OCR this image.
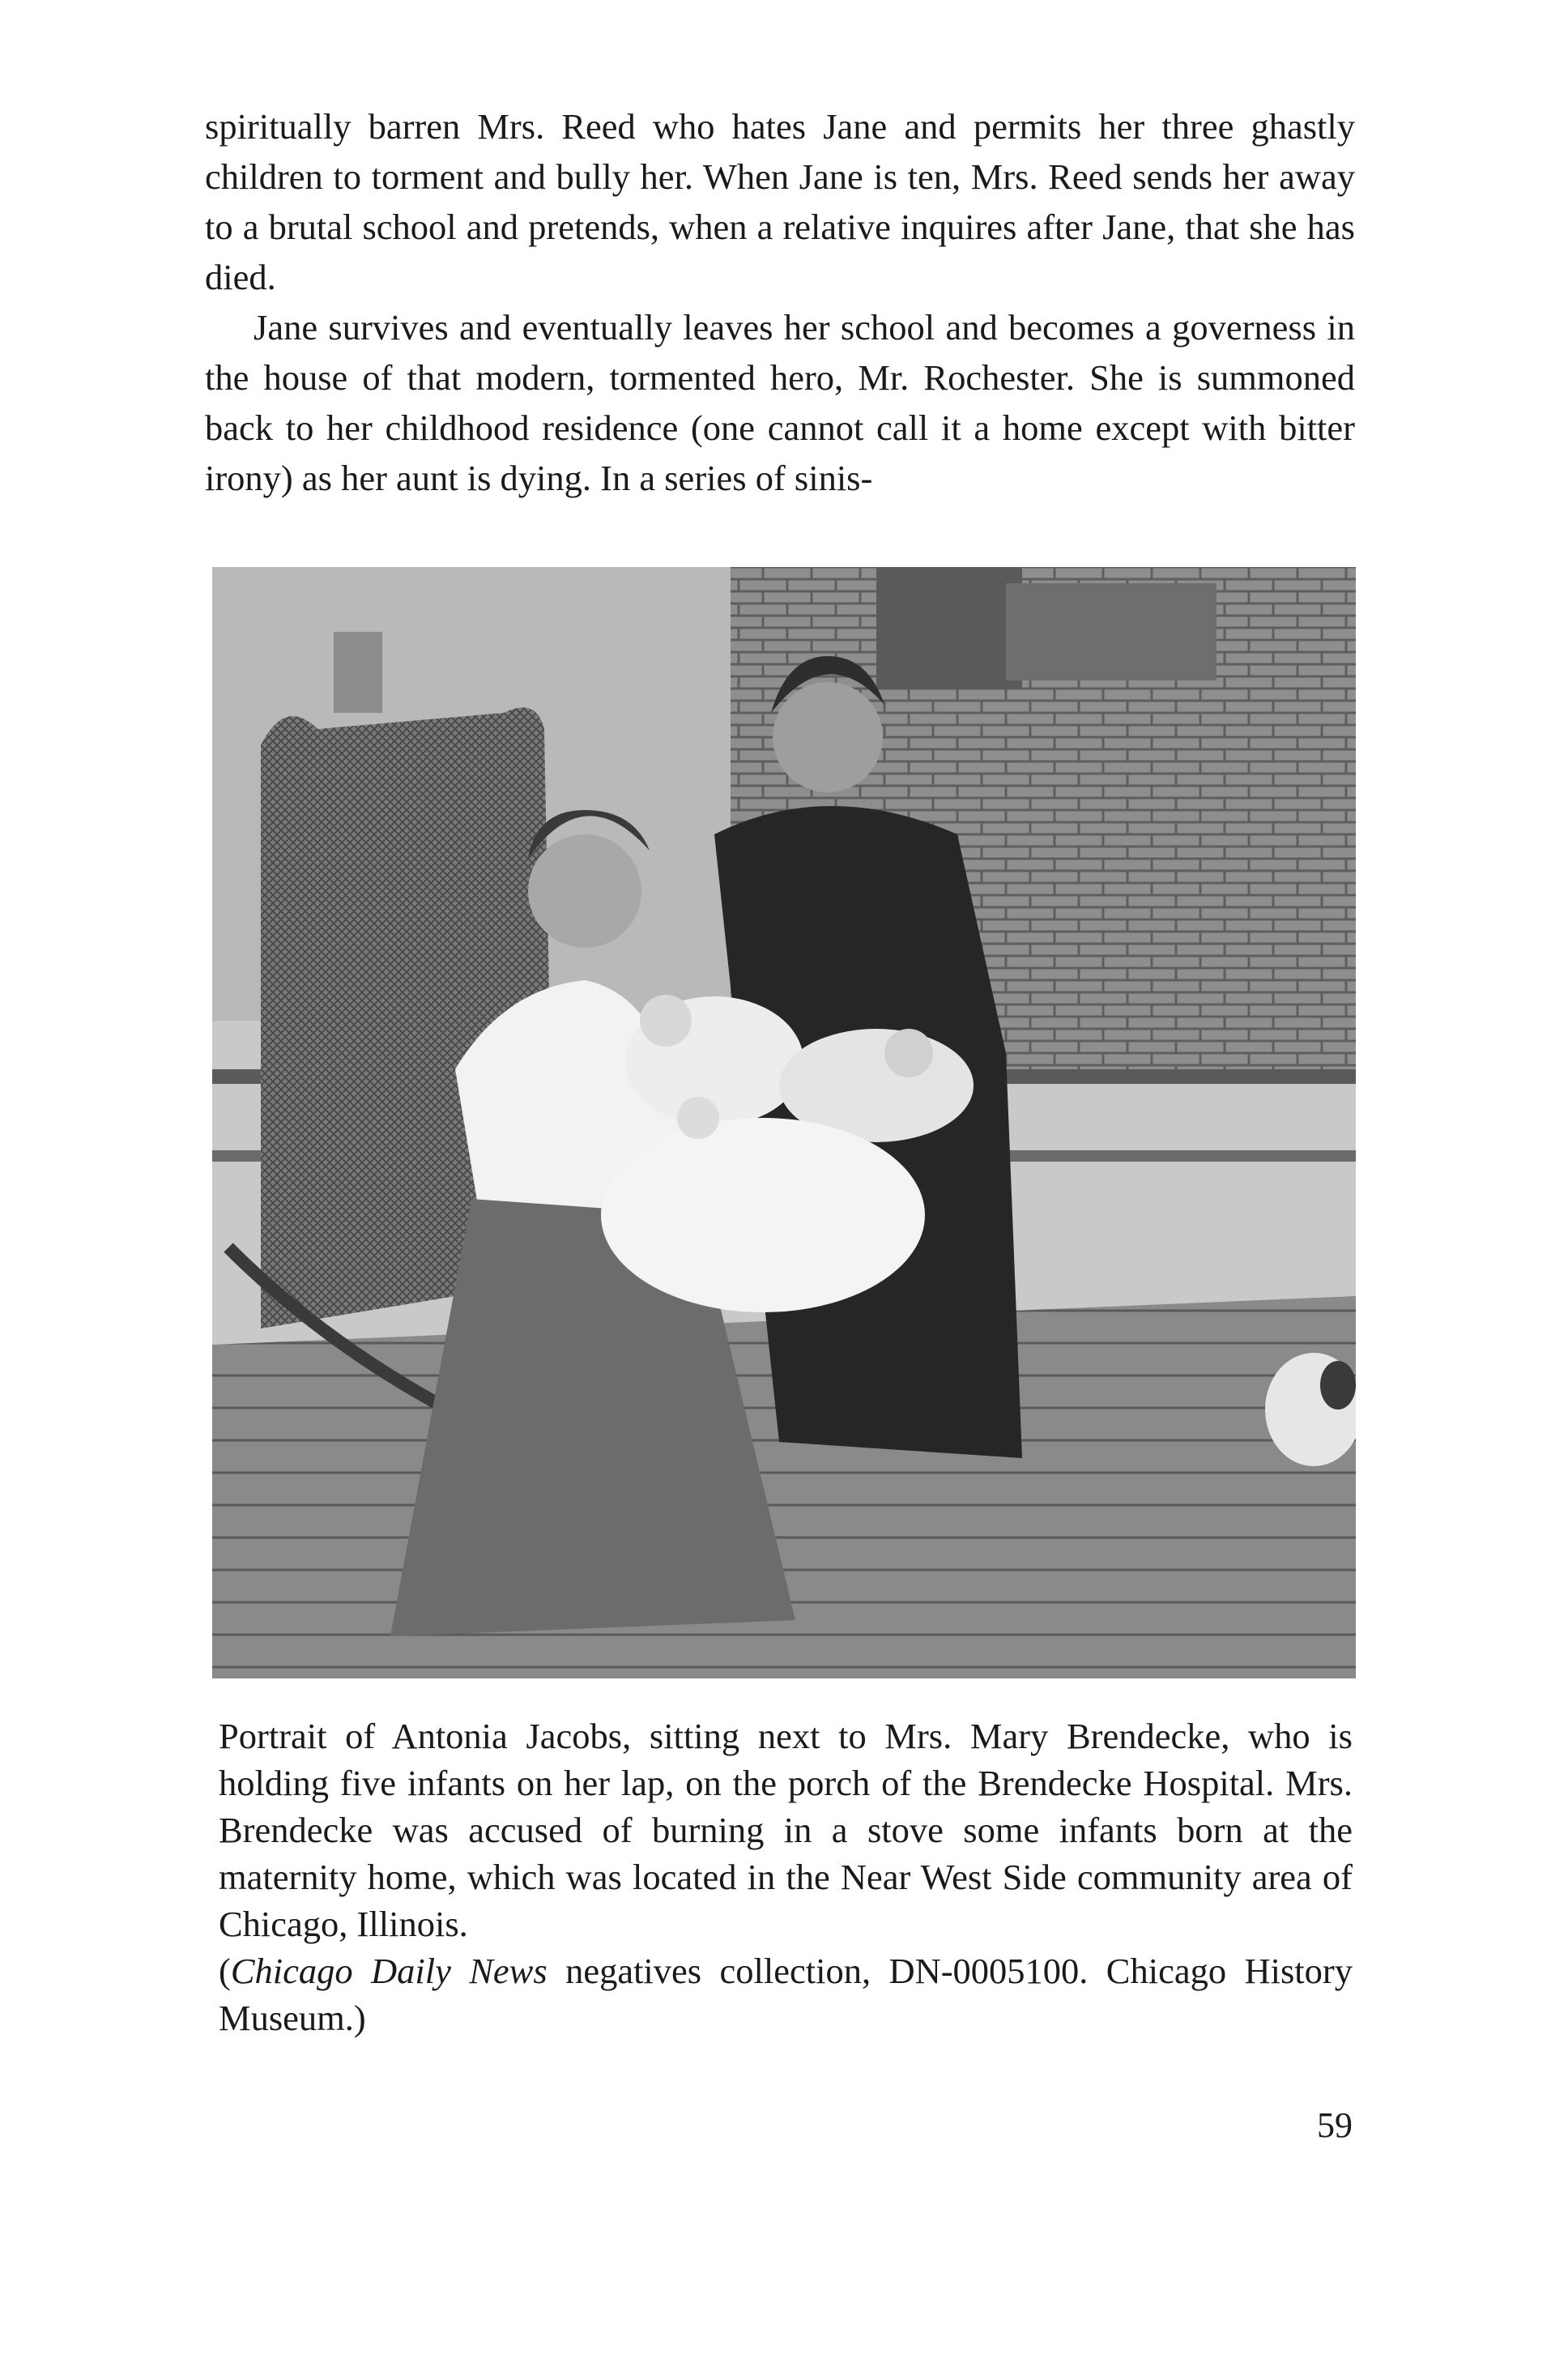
spiritually barren Mrs. Reed who hates Jane and permits her three ghastly children to torment and bully her. When Jane is ten, Mrs. Reed sends her away to a brutal school and pretends, when a relative inquires after Jane, that she has died.

Jane survives and eventually leaves her school and becomes a governess in the house of that modern, tormented hero, Mr. Rochester. She is summoned back to her childhood residence (one cannot call it a home except with bitter irony) as her aunt is dying. In a series of sinis-

Portrait of Antonia Jacobs, sitting next to Mrs. Mary Brendecke, who is holding five infants on her lap, on the porch of the Brendecke Hospital. Mrs. Brendecke was accused of burning in a stove some infants born at the maternity home, which was located in the Near West Side community area of Chicago, Illinois.

(Chicago Daily News negatives collection, DN-0005100. Chicago History Museum.)

59
